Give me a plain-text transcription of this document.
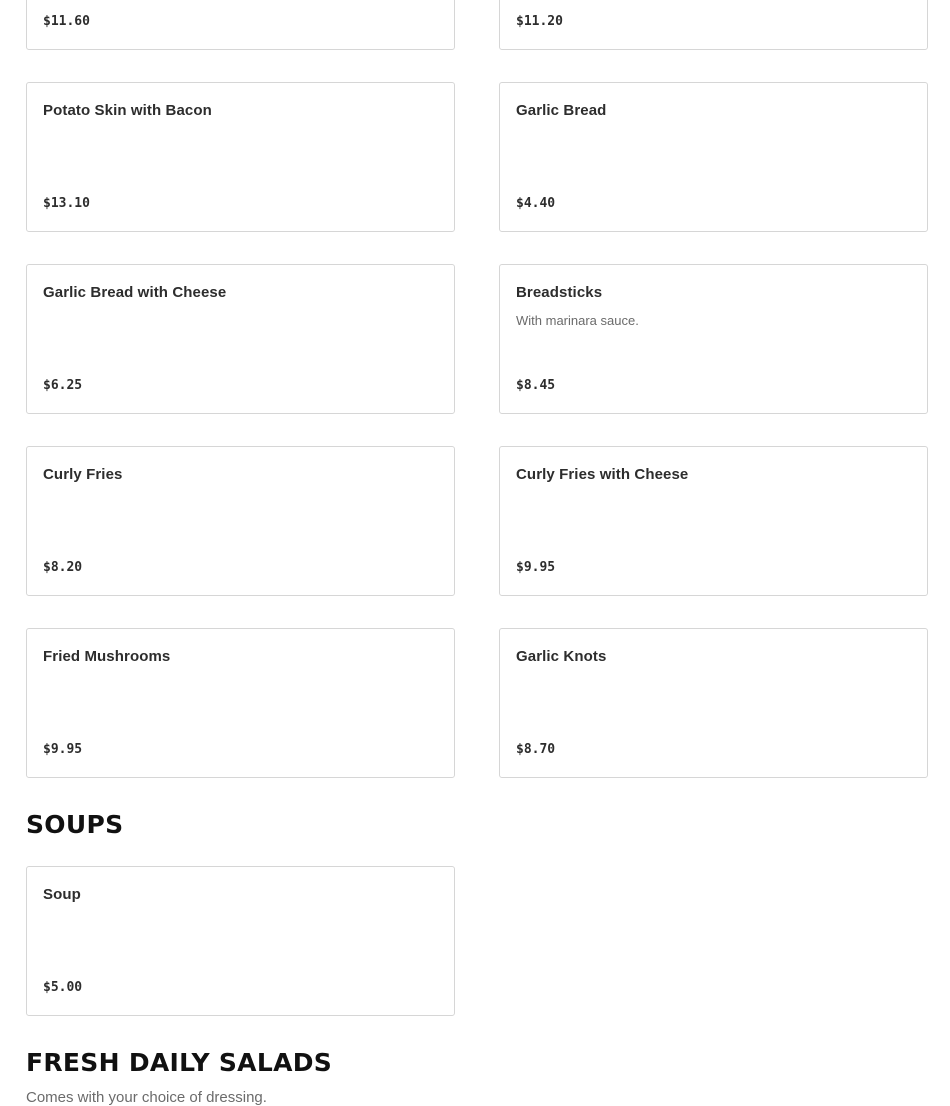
$11.60	$11.20
Potato Skin with Bacon
$13.10
Garlic Bread
$4.40
Garlic Bread with Cheese
$6.25
Breadsticks
With marinara sauce.
$8.45
Curly Fries
$8.20
Curly Fries with Cheese
$9.95
Fried Mushrooms
$9.95
Garlic Knots
$8.70
SOUPS
Soup
$5.00
FRESH DAILY SALADS
Comes with your choice of dressing.
